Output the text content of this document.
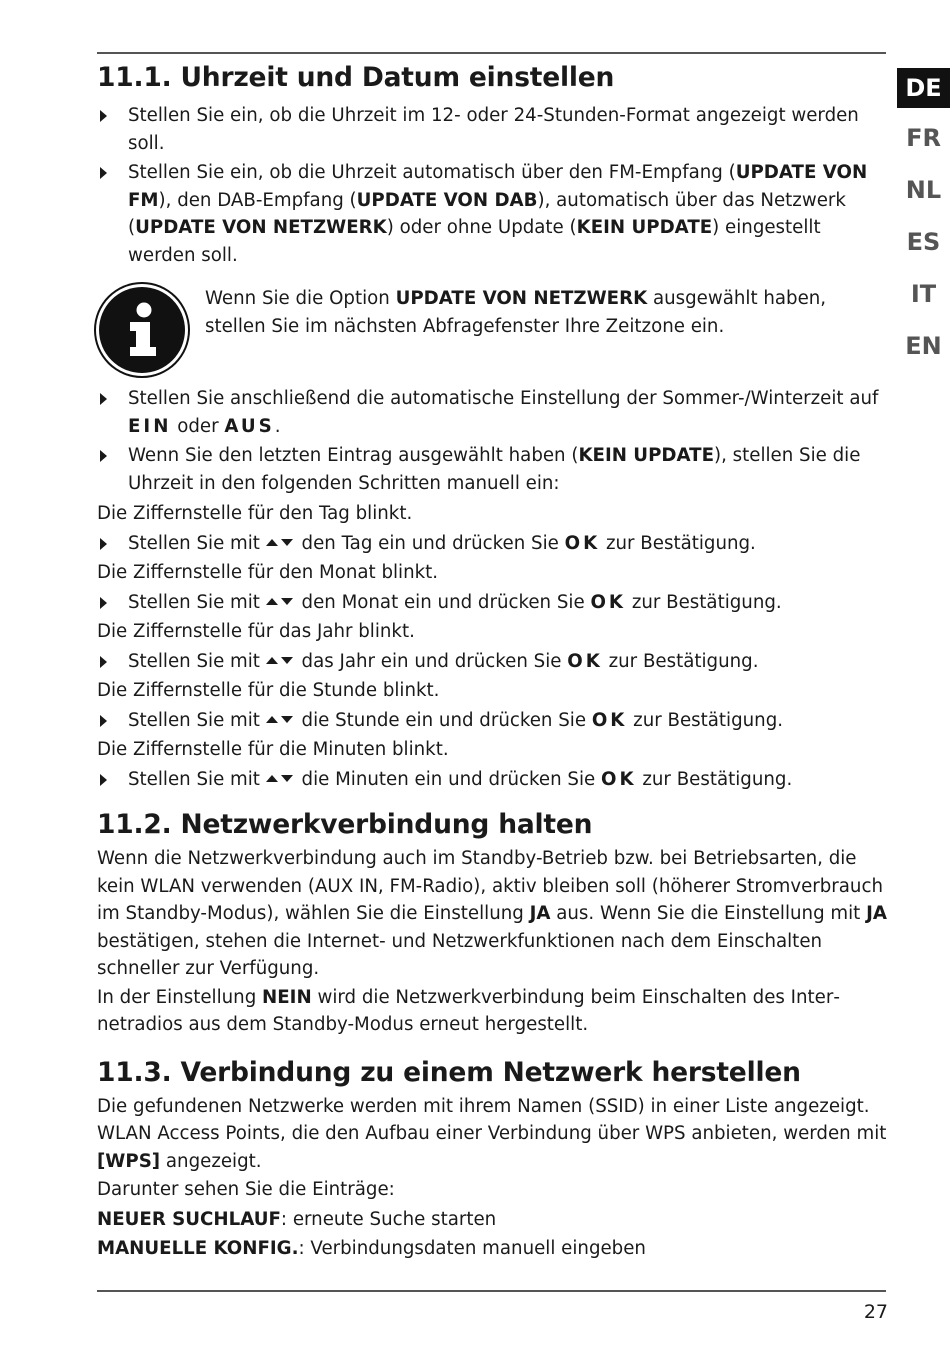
DE
FR
NL
ES
IT
EN
11.1. Uhrzeit und Datum einstellen
Stellen Sie ein, ob die Uhrzeit im 12- oder 24-Stunden-Format angezeigt werden soll.
Stellen Sie ein, ob die Uhrzeit automatisch über den FM-Empfang (UPDATE VON FM), den DAB-Empfang (UPDATE VON DAB), automatisch über das Netzwerk (UPDATE VON NETZWERK) oder ohne Update (KEIN UPDATE) eingestellt werden soll.
Wenn Sie die Option UPDATE VON NETZWERK ausgewählt haben, stellen Sie im nächsten Abfragefenster Ihre Zeitzone ein.
Stellen Sie anschließend die automatische Einstellung der Sommer-/Winterzeit auf EIN oder AUS.
Wenn Sie den letzten Eintrag ausgewählt haben (KEIN UPDATE), stellen Sie die Uhrzeit in den folgenden Schritten manuell ein:

Die Ziffernstelle für den Tag blinkt.

Stellen Sie mit den Tag ein und drücken Sie OK zur Bestätigung.

Die Ziffernstelle für den Monat blinkt.

Stellen Sie mit den Monat ein und drücken Sie OK zur Bestätigung.

Die Ziffernstelle für das Jahr blinkt.

Stellen Sie mit das Jahr ein und drücken Sie OK zur Bestätigung.

Die Ziffernstelle für die Stunde blinkt.

Stellen Sie mit die Stunde ein und drücken Sie OK zur Bestätigung.

Die Ziffernstelle für die Minuten blinkt.

Stellen Sie mit die Minuten ein und drücken Sie OK zur Bestätigung.
11.2. Netzwerkverbindung halten

Wenn die Netzwerkverbindung auch im Standby-Betrieb bzw. bei Betriebsarten, die kein WLAN verwenden (AUX IN, FM-Radio), aktiv bleiben soll (höherer Stromverbrauch im Standby-Modus), wählen Sie die Einstellung JA aus. Wenn Sie die Einstellung mit JA bestätigen, stehen die Internet- und Netzwerkfunktionen nach dem Einschalten schneller zur Verfügung.

In der Einstellung NEIN wird die Netzwerkverbindung beim Einschalten des Internetradios aus dem Standby-Modus erneut hergestellt.

11.3. Verbindung zu einem Netzwerk herstellen

Die gefundenen Netzwerke werden mit ihrem Namen (SSID) in einer Liste angezeigt. WLAN Access Points, die den Aufbau einer Verbindung über WPS anbieten, werden mit [WPS] angezeigt.

Darunter sehen Sie die Einträge:

NEUER SUCHLAUF: erneute Suche starten

MANUELLE KONFIG.: Verbindungsdaten manuell eingeben

27
